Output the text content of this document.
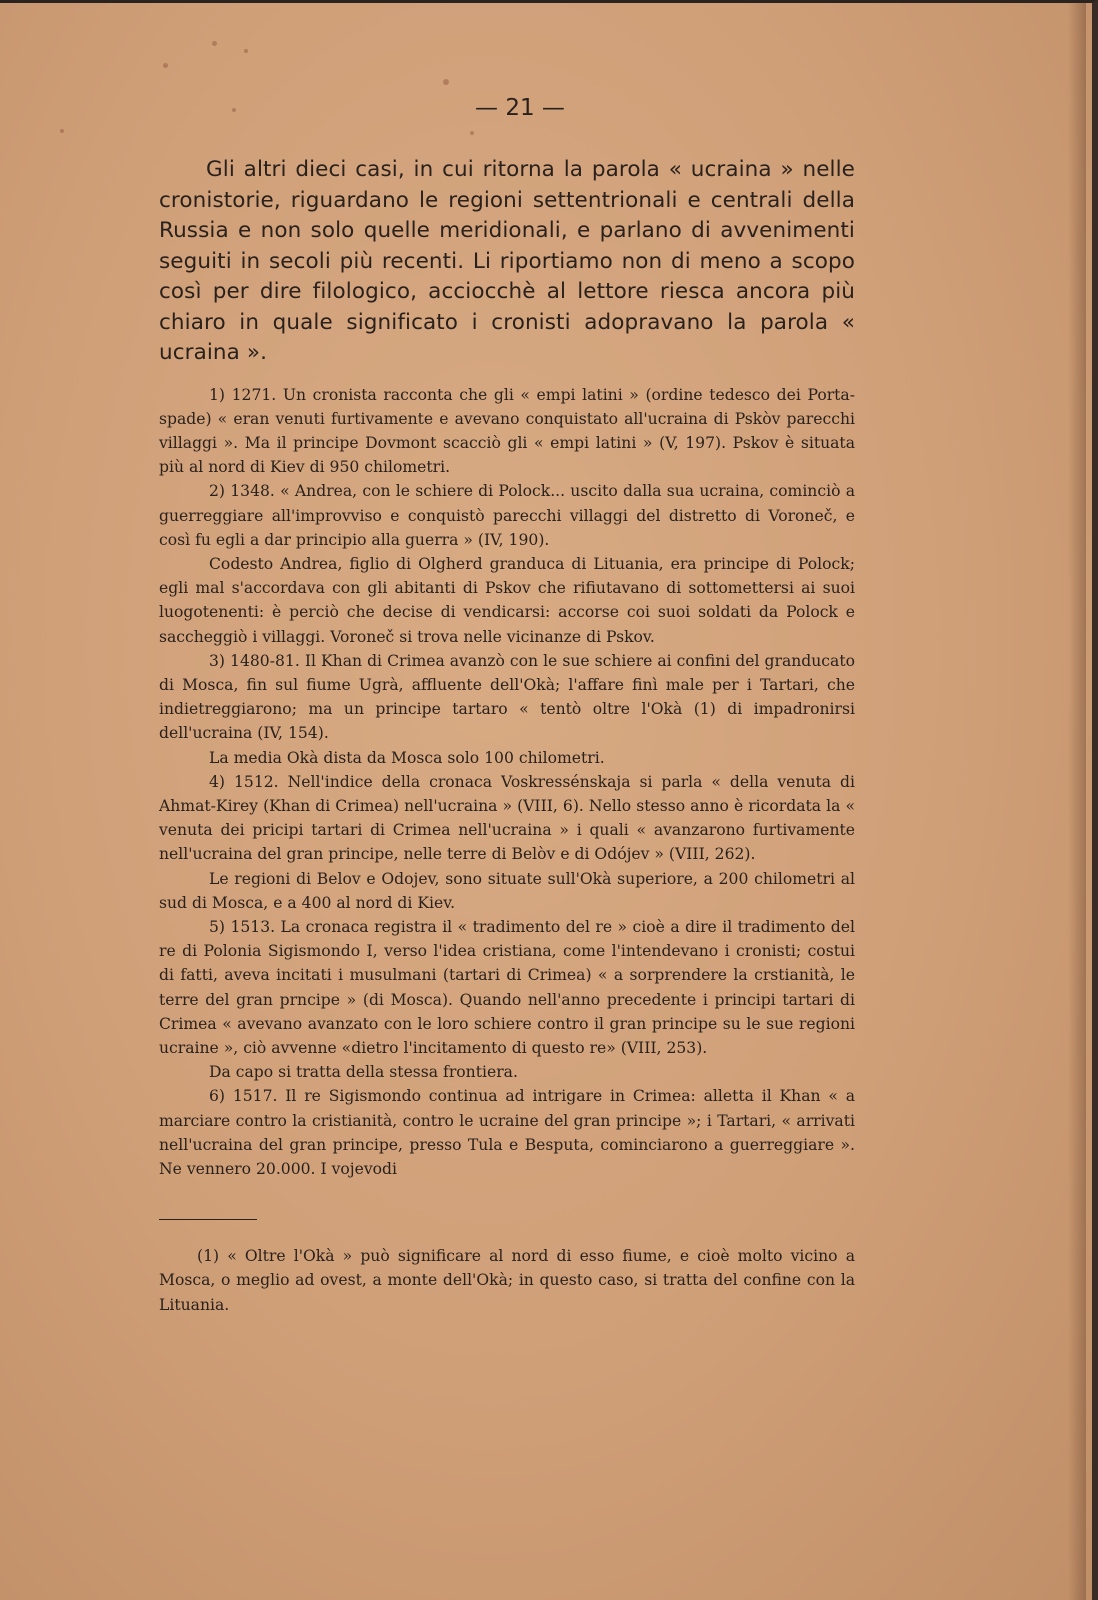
— 21 —

Gli altri dieci casi, in cui ritorna la parola « ucraina » nelle cronistorie, riguardano le regioni settentrionali e centrali della Russia e non solo quelle meridionali, e parlano di avvenimenti seguiti in secoli più recenti. Li riportiamo non di meno a scopo così per dire filologico, acciocchè al lettore riesca ancora più chiaro in quale significato i cronisti adopravano la parola « ucraina ».

1) 1271. Un cronista racconta che gli « empi latini » (ordine tedesco dei Porta-spade) « eran venuti furtivamente e avevano conquistato all'ucraina di Pskòv parecchi villaggi ». Ma il principe Dovmont scacciò gli « empi latini » (V, 197). Pskov è situata più al nord di Kiev di 950 chilometri.

2) 1348. « Andrea, con le schiere di Polock... uscito dalla sua ucraina, cominciò a guerreggiare all'improvviso e conquistò parecchi villaggi del distretto di Voroneč, e così fu egli a dar principio alla guerra » (IV, 190).

Codesto Andrea, figlio di Olgherd granduca di Lituania, era principe di Polock; egli mal s'accordava con gli abitanti di Pskov che rifiutavano di sottomettersi ai suoi luogotenenti: è perciò che decise di vendicarsi: accorse coi suoi soldati da Polock e saccheggiò i villaggi. Voroneč si trova nelle vicinanze di Pskov.

3) 1480-81. Il Khan di Crimea avanzò con le sue schiere ai confini del granducato di Mosca, fin sul fiume Ugrà, affluente dell'Okà; l'affare finì male per i Tartari, che indietreggiarono; ma un principe tartaro « tentò oltre l'Okà (1) di impadronirsi dell'ucraina (IV, 154).

La media Okà dista da Mosca solo 100 chilometri.

4) 1512. Nell'indice della cronaca Voskressénskaja si parla « della venuta di Ahmat-Kirey (Khan di Crimea) nell'ucraina » (VIII, 6). Nello stesso anno è ricordata la « venuta dei pricipi tartari di Crimea nell'ucraina » i quali « avanzarono furtivamente nell'ucraina del gran principe, nelle terre di Belòv e di Odójev » (VIII, 262).

Le regioni di Belov e Odojev, sono situate sull'Okà superiore, a 200 chilometri al sud di Mosca, e a 400 al nord di Kiev.

5) 1513. La cronaca registra il « tradimento del re » cioè a dire il tradimento del re di Polonia Sigismondo I, verso l'idea cristiana, come l'intendevano i cronisti; costui di fatti, aveva incitati i musulmani (tartari di Crimea) « a sorprendere la crstianità, le terre del gran prncipe » (di Mosca). Quando nell'anno precedente i principi tartari di Crimea « avevano avanzato con le loro schiere contro il gran principe su le sue regioni ucraine », ciò avvenne «dietro l'incitamento di questo re» (VIII, 253).

Da capo si tratta della stessa frontiera.

6) 1517. Il re Sigismondo continua ad intrigare in Crimea: alletta il Khan « a marciare contro la cristianità, contro le ucraine del gran principe »; i Tartari, « arrivati nell'ucraina del gran principe, presso Tula e Besputa, cominciarono a guerreggiare ». Ne vennero 20.000. I vojevodi

(1) « Oltre l'Okà » può significare al nord di esso fiume, e cioè molto vicino a Mosca, o meglio ad ovest, a monte dell'Okà; in questo caso, si tratta del confine con la Lituania.
